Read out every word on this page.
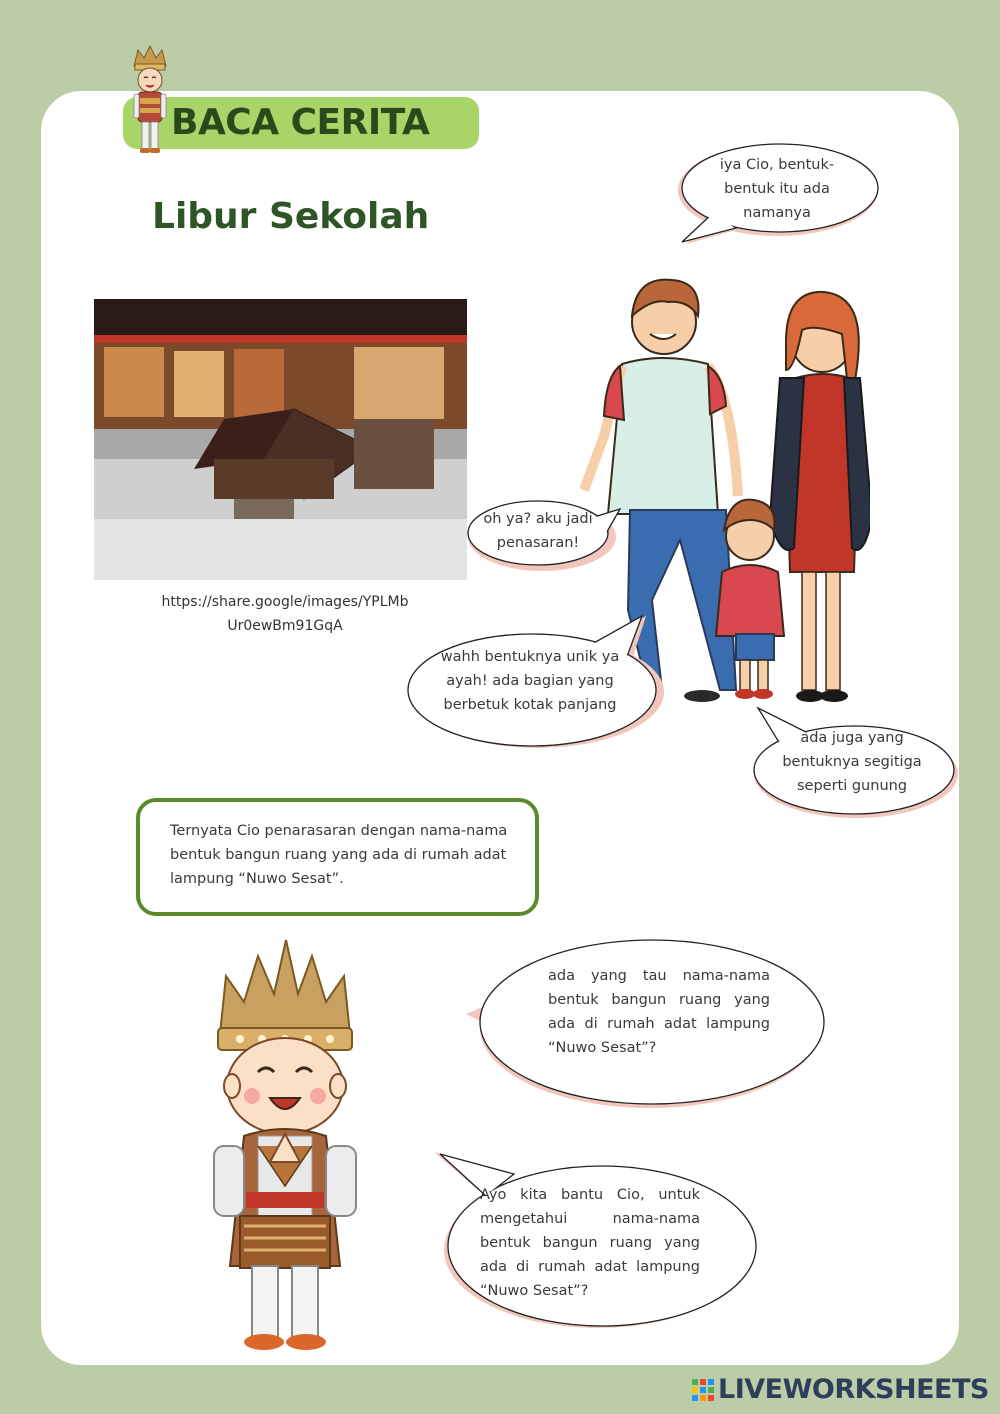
BACA CERITA
Libur Sekolah
https://share.google/images/YPLMb Ur0ewBm91GqA
iya Cio, bentuk-bentuk itu ada namanya
oh ya? aku jadi penasaran!
wahh bentuknya unik ya ayah! ada bagian yang berbetuk kotak panjang
ada juga yang bentuknya segitiga seperti gunung
Ternyata Cio penarasaran dengan nama-nama bentuk bangun ruang yang ada di rumah adat lampung “Nuwo Sesat”.
ada yang tau nama-nama bentuk bangun ruang yang ada di rumah adat lampung “Nuwo Sesat”?
Ayo kita bantu Cio, untuk mengetahui nama-nama bentuk bangun ruang yang ada di rumah adat lampung “Nuwo Sesat”?
LIVEWORKSHEETS
